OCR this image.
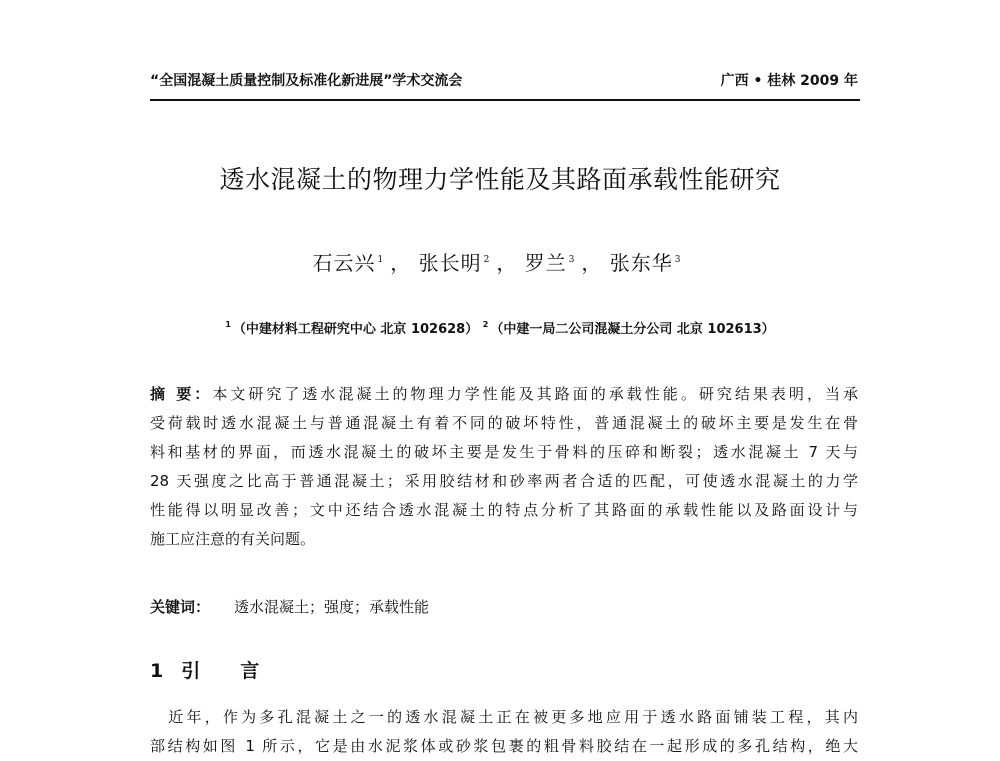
“全国混凝土质量控制及标准化新进展”学术交流会	广西 • 桂林 2009 年
透水混凝土的物理力学性能及其路面承载性能研究
石云兴 $^1$ ， 张长明 $^2$ ， 罗兰 $^3$ ， 张东华 $^3$
$^1$ （中建材料工程研究中心 北京 102628） $^2$ （中建一局二公司混凝土分公司 北京 102613）
摘 要：本文研究了透水混凝土的物理力学性能及其路面的承载性能。研究结果表明，当承
受荷载时透水混凝土与普通混凝土有着不同的破坏特性，普通混凝土的破坏主要是发生在骨
料和基材的界面，而透水混凝土的破坏主要是发生于骨料的压碎和断裂；透水混凝土 7 天与
28 天强度之比高于普通混凝土；采用胶结材和砂率两者合适的匹配，可使透水混凝土的力学
性能得以明显改善；文中还结合透水混凝土的特点分析了其路面的承载性能以及路面设计与
施工应注意的有关问题。
关键词： 透水混凝土；强度；承载性能
1 引 言
　近年，作为多孔混凝土之一的透水混凝土正在被更多地应用于透水路面铺装工程，其内
部结构如图 1 所示，它是由水泥浆体或砂浆包裹的粗骨料胶结在一起形成的多孔结构，绝大
